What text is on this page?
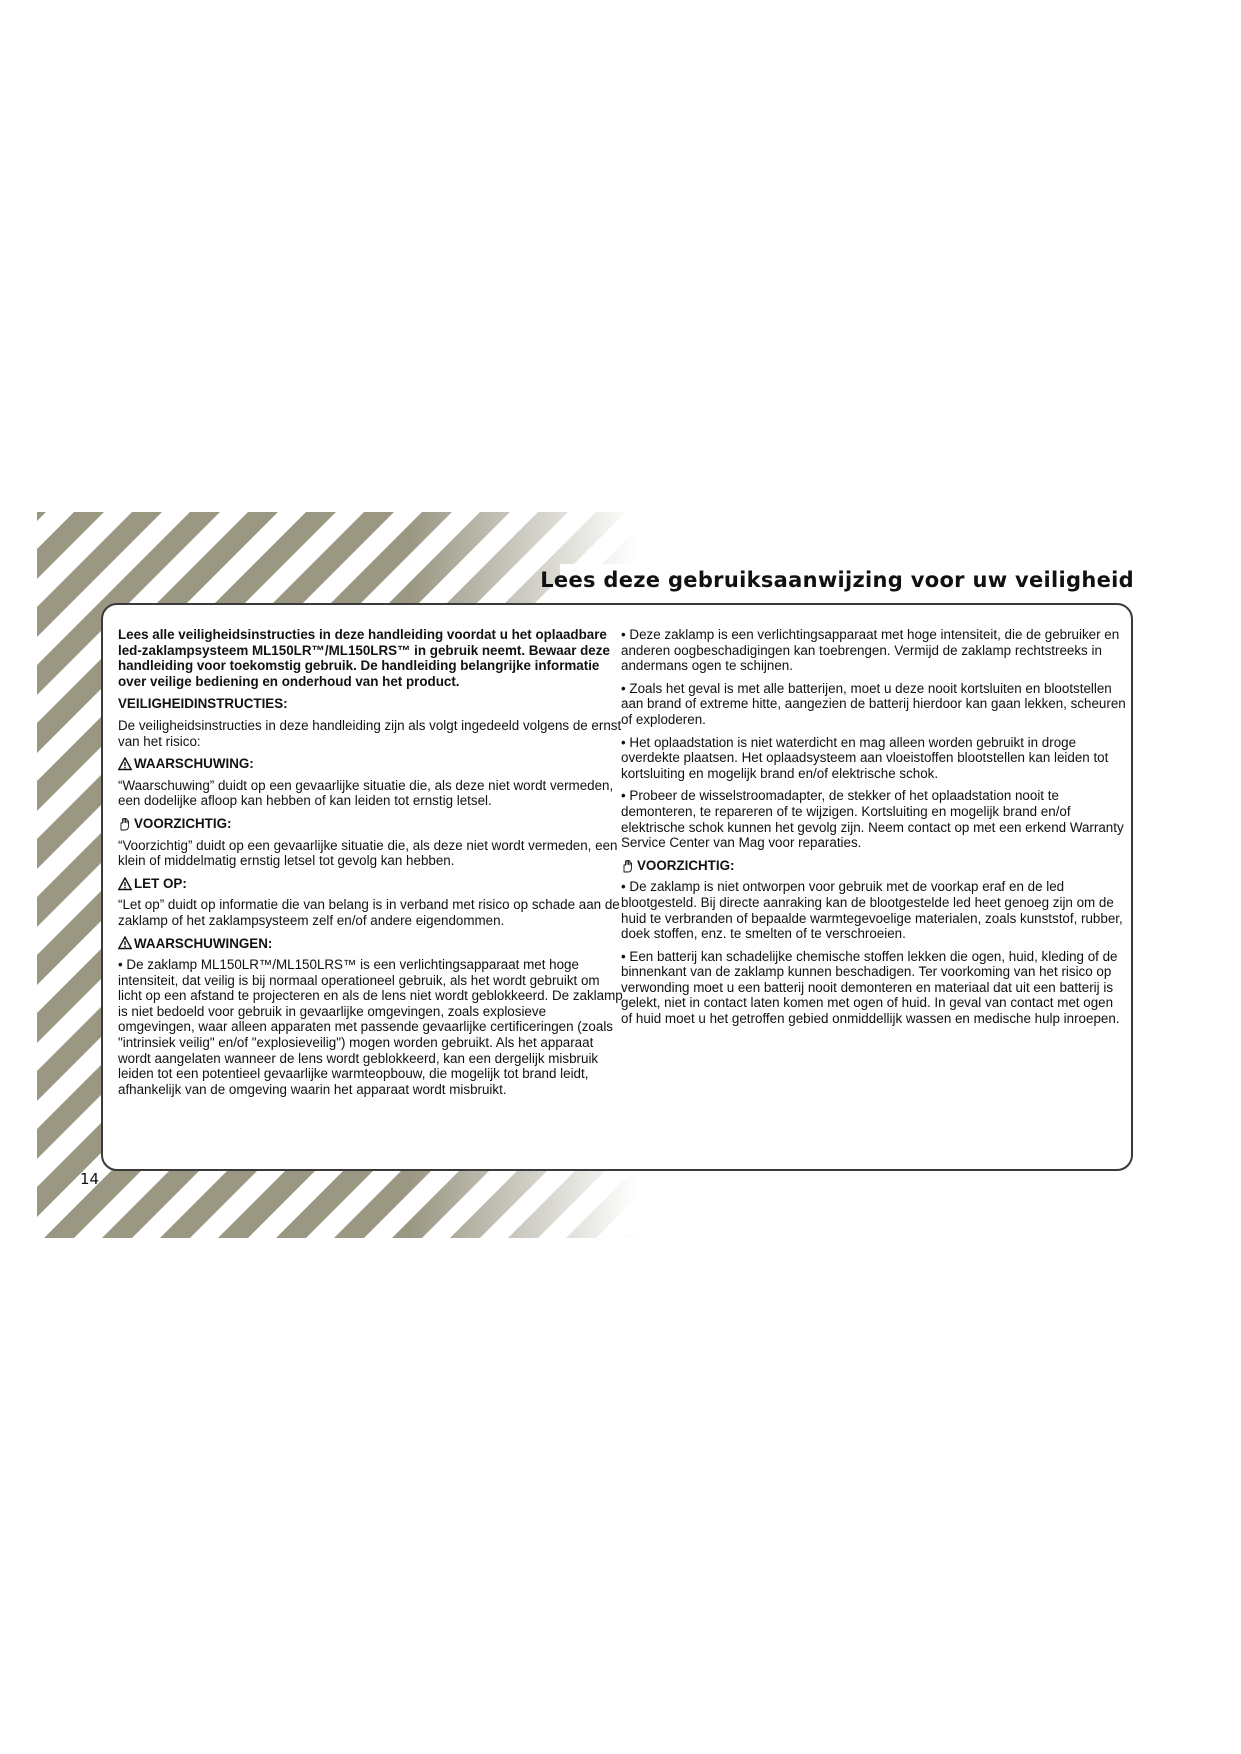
Lees deze gebruiksaanwijzing voor uw veiligheid

Lees alle veiligheidsinstructies in deze handleiding voordat u het oplaadbare led-zaklampsysteem ML150LR™/ML150LRS™ in gebruik neemt. Bewaar deze handleiding voor toekomstig gebruik. De handleiding belangrijke informatie over veilige bediening en onderhoud van het product.

VEILIGHEIDINSTRUCTIES:

De veiligheidsinstructies in deze handleiding zijn als volgt ingedeeld volgens de ernst van het risico:

WAARSCHUWING:

“Waarschuwing” duidt op een gevaarlijke situatie die, als deze niet wordt vermeden, een dodelijke afloop kan hebben of kan leiden tot ernstig letsel.

VOORZICHTIG:

“Voorzichtig” duidt op een gevaarlijke situatie die, als deze niet wordt vermeden, een klein of middelmatig ernstig letsel tot gevolg kan hebben.

LET OP:

“Let op” duidt op informatie die van belang is in verband met risico op schade aan de zaklamp of het zaklampsysteem zelf en/of andere eigendommen.

WAARSCHUWINGEN:

• De zaklamp ML150LR™/ML150LRS™ is een verlichtingsapparaat met hoge intensiteit, dat veilig is bij normaal operationeel gebruik, als het wordt gebruikt om licht op een afstand te projecteren en als de lens niet wordt geblokkeerd. De zaklamp is niet bedoeld voor gebruik in gevaarlijke omgevingen, zoals explosieve omgevingen, waar alleen apparaten met passende gevaarlijke certificeringen (zoals "intrinsiek veilig" en/of "explosieveilig") mogen worden gebruikt. Als het apparaat wordt aangelaten wanneer de lens wordt geblokkeerd, kan een dergelijk misbruik leiden tot een potentieel gevaarlijke warmteopbouw, die mogelijk tot brand leidt, afhankelijk van de omgeving waarin het apparaat wordt misbruikt.

• Deze zaklamp is een verlichtingsapparaat met hoge intensiteit, die de gebruiker en anderen oogbeschadigingen kan toebrengen. Vermijd de zaklamp rechtstreeks in andermans ogen te schijnen.

• Zoals het geval is met alle batterijen, moet u deze nooit kortsluiten en blootstellen aan brand of extreme hitte, aangezien de batterij hierdoor kan gaan lekken, scheuren of exploderen.

• Het oplaadstation is niet waterdicht en mag alleen worden gebruikt in droge overdekte plaatsen. Het oplaadsysteem aan vloeistoffen blootstellen kan leiden tot kortsluiting en mogelijk brand en/of elektrische schok.

• Probeer de wisselstroomadapter, de stekker of het oplaadstation nooit te demonteren, te repareren of te wijzigen. Kortsluiting en mogelijk brand en/of elektrische schok kunnen het gevolg zijn. Neem contact op met een erkend Warranty Service Center van Mag voor reparaties.

VOORZICHTIG:

• De zaklamp is niet ontworpen voor gebruik met de voorkap eraf en de led blootgesteld. Bij directe aanraking kan de blootgestelde led heet genoeg zijn om de huid te verbranden of bepaalde warmtegevoelige materialen, zoals kunststof, rubber, doek stoffen, enz. te smelten of te verschroeien.

• Een batterij kan schadelijke chemische stoffen lekken die ogen, huid, kleding of de binnenkant van de zaklamp kunnen beschadigen. Ter voorkoming van het risico op verwonding moet u een batterij nooit demonteren en materiaal dat uit een batterij is gelekt, niet in contact laten komen met ogen of huid. In geval van contact met ogen of huid moet u het getroffen gebied onmiddellijk wassen en medische hulp inroepen.

14
